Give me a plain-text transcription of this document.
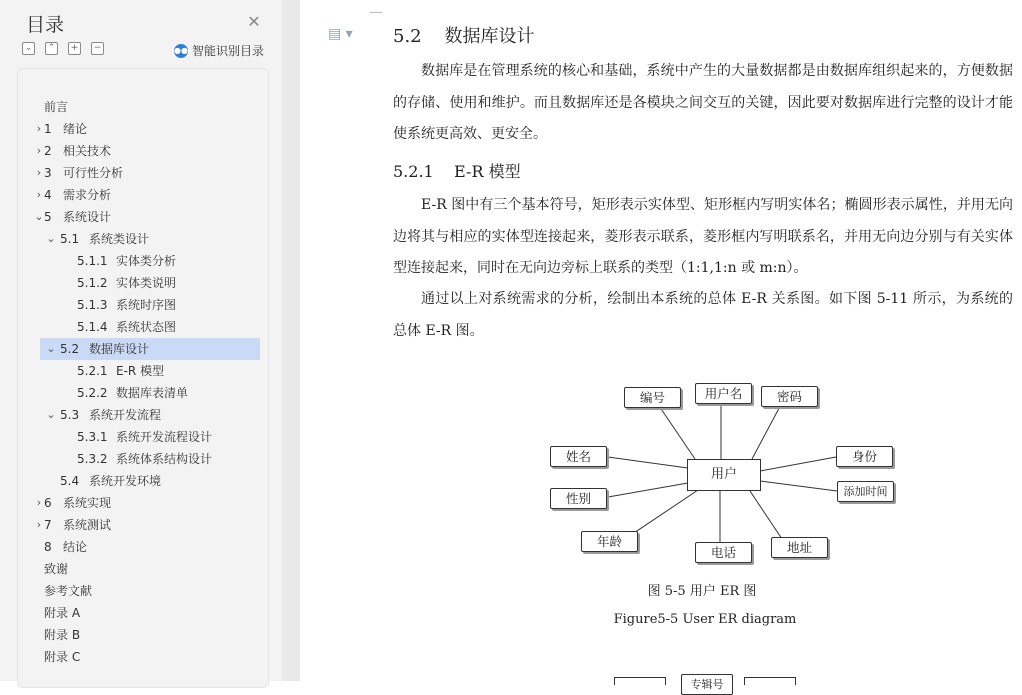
目录	✕
⌄	⌃	+	−	●● 智能识别目录
前言
› 1 绪论
› 2 相关技术
› 3 可行性分析
› 4 需求分析
⌄ 5 系统设计
⌄ 5.1 系统类设计
5.1.1 实体类分析
5.1.2 实体类说明
5.1.3 系统时序图
5.1.4 系统状态图
⌄ 5.2 数据库设计
5.2.1 E-R 模型
5.2.2 数据库表清单
⌄ 5.3 系统开发流程
5.3.1 系统开发流程设计
5.3.2 系统体系结构设计
5.4 系统开发环境
› 6 系统实现
› 7 系统测试
8 结论
致谢
参考文献
附录 A
附录 B
附录 C
▤ ▾ 5.2    数据库设计
数据库是在管理系统的核心和基础，系统中产生的大量数据都是由数据库组织起来的，方便数据的存储、使用和维护。而且数据库还是各模块之间交互的关键，因此要对数据库进行完整的设计才能使系统更高效、更安全。
5.2.1    E-R 模型
E-R 图中有三个基本符号，矩形表示实体型、矩形框内写明实体名；椭圆形表示属性，并用无向边将其与相应的实体型连接起来，菱形表示联系，菱形框内写明联系名，并用无向边分别与有关实体型连接起来，同时在无向边旁标上联系的类型（1:1,1:n 或 m:n）。
通过以上对系统需求的分析，绘制出本系统的总体 E-R 关系图。如下图 5-11 所示，为系统的总体 E-R 图。
用户
编号	用户名	密码
身份
添加时间
地址
电话
年龄
性别
姓名
图 5-5 用户 ER 图
Figure5-5 User ER diagram
专辑号
